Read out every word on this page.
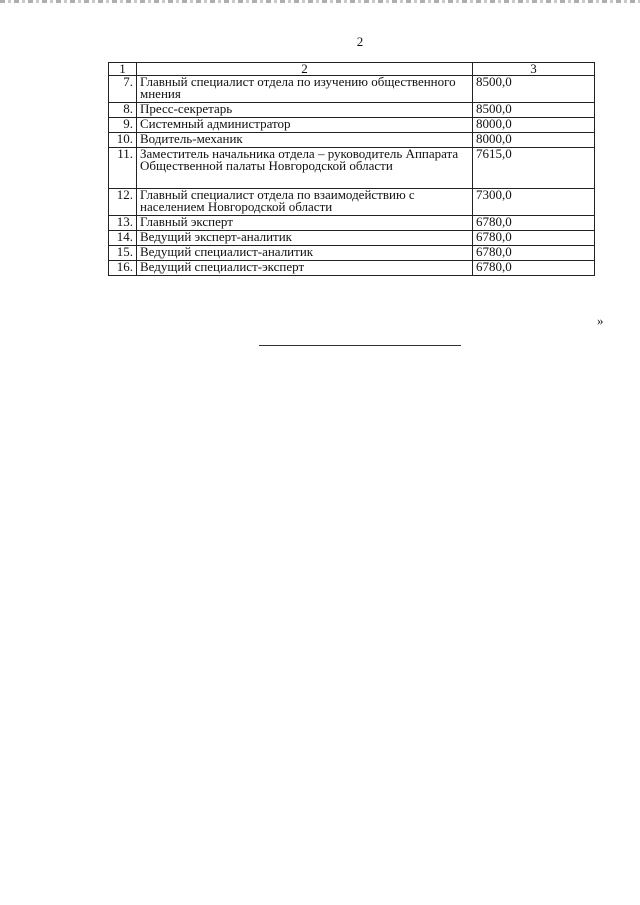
2
1	2	3
7.	Главный специалист отдела по изучению общественного мнения	8500,0
8.	Пресс-секретарь	8500,0
9.	Системный администратор	8000,0
10.	Водитель-механик	8000,0
11.	Заместитель начальника отдела – руководитель Аппарата Общественной палаты Новгородской области	7615,0
12.	Главный специалист отдела по взаимодействию с населением Новгородской области	7300,0
13.	Главный эксперт	6780,0
14.	Ведущий эксперт-аналитик	6780,0
15.	Ведущий специалист-аналитик	6780,0
16.	Ведущий специалист-эксперт	6780,0
»
